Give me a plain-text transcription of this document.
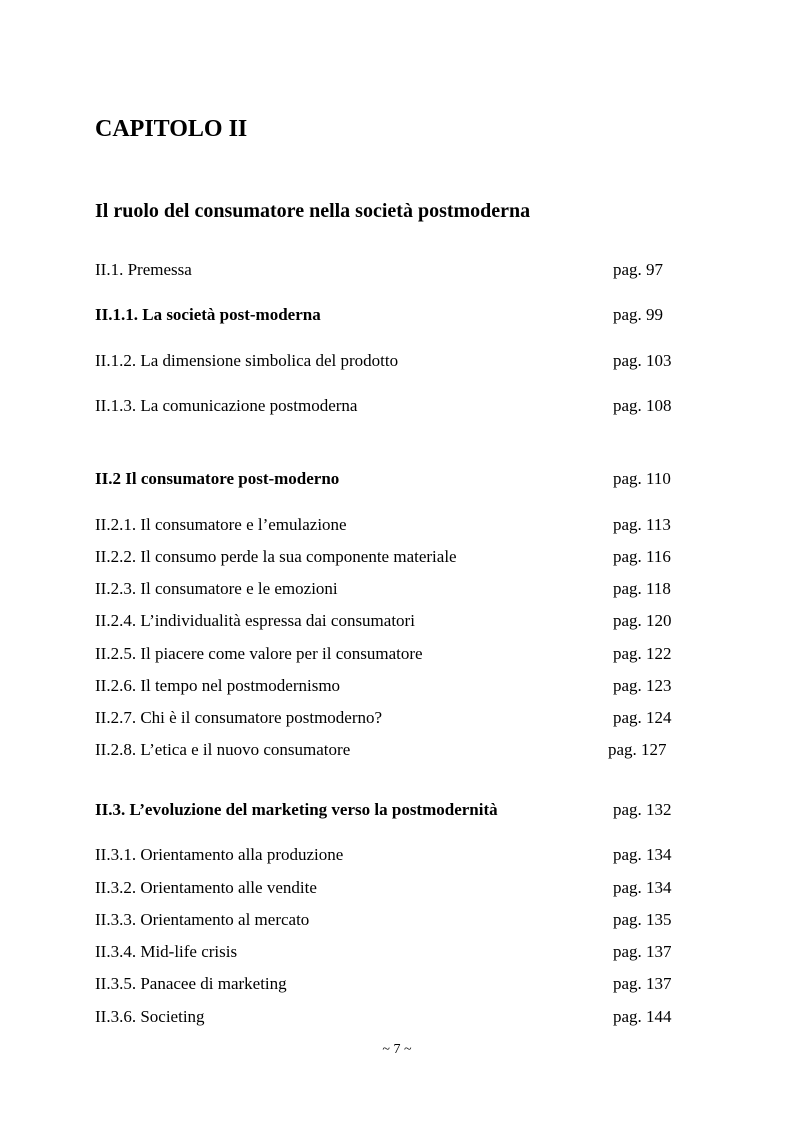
CAPITOLO II
Il ruolo del consumatore nella società postmoderna
II.1. Premessa	pag. 97
II.1.1. La società post-moderna	pag. 99
II.1.2. La dimensione simbolica del prodotto	pag. 103
II.1.3. La comunicazione postmoderna	pag. 108
II.2 Il consumatore post-moderno	pag. 110
II.2.1. Il consumatore e l’emulazione	pag. 113
II.2.2. Il consumo perde la sua componente materiale	pag. 116
II.2.3. Il consumatore e le emozioni	pag. 118
II.2.4. L’individualità espressa dai consumatori	pag. 120
II.2.5. Il piacere come valore per il consumatore	pag. 122
II.2.6. Il tempo nel postmodernismo	pag. 123
II.2.7. Chi è il consumatore postmoderno?	pag. 124
II.2.8. L’etica e il nuovo consumatore	pag. 127
II.3. L’evoluzione del marketing verso la postmodernità	pag. 132
II.3.1. Orientamento alla produzione	pag. 134
II.3.2. Orientamento alle vendite	pag. 134
II.3.3. Orientamento al mercato	pag. 135
II.3.4. Mid-life crisis	pag. 137
II.3.5. Panacee di marketing	pag. 137
II.3.6. Societing	pag. 144
~ 7 ~
